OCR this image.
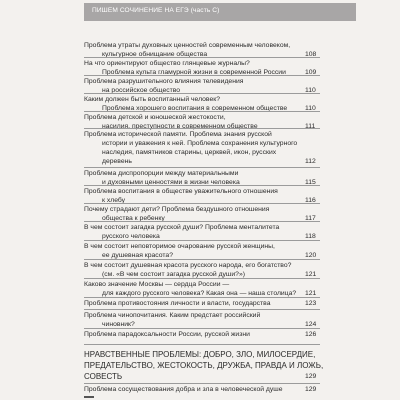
ПИШЕМ СОЧИНЕНИЕ НА ЕГЭ (часть С)
Проблема утраты духовных ценностей современным человеком,
кульгурное обнищание общества	108
На что ориентируют общество глянцевые журналы?
Проблема культа гламурной жизни в современной России	109
Проблема разрушительного влияния телевидения
на российское общество	110
Каким должен быть воспитанный человек?
Проблема хорошего воспитания в современном обществе	110
Проблема детской и юношеской жестокости,
насилия, преступности в современном обществе	111
Проблема исторической памяти. Проблема знания русской
истории и уважения к ней. Проблема сохранения культурного
наследия, памятников старины, церквей, икон, русских
деревень	112
Проблема диспропорции между материальными
и духовными ценностями в жизни человека	115
Проблема воспитания в обществе уважительного отношения
к хлебу	116
Почему страдают дети? Проблема бездушного отношения
общества к ребенку	117
В чем состоит загадка русской души? Проблема менталитета
русского человека	118
В чем состоит неповторимое очарование русской женщины,
ее душевная красота?	120
В чем состоит душевная красота русского народа, его богатство?
(см. «В чем состоит загадка русской души?»)	121
Каково значение Москвы — сердца России —
для каждого русского человека? Какая она — наша столица? 121
Проблема противостояния личности и власти, государства	123
Проблема чинопочитания. Каким предстает российский
чиновник?	124
Проблема парадоксальности России, русской жизни	126
НРАВСТВЕННЫЕ ПРОБЛЕМЫ: ДОБРО, ЗЛО, МИЛОСЕРДИЕ,
ПРЕДАТЕЛЬСТВО, ЖЕСТОКОСТЬ, ДРУЖБА, ПРАВДА И ЛОЖЬ,
СОВЕСТЬ	129
Проблема сосуществования добра и зла в человеческой душе	129
